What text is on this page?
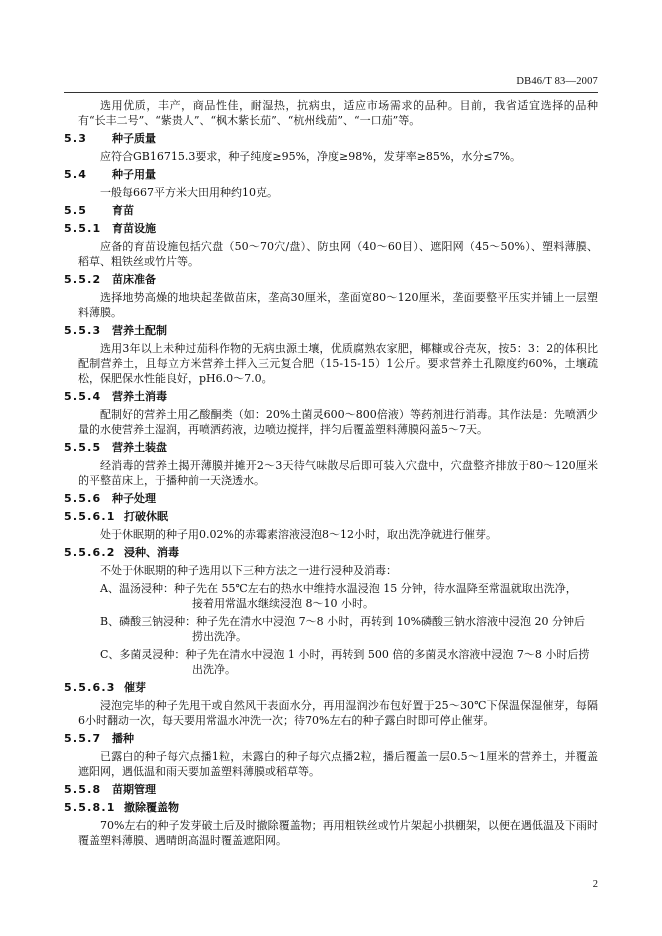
DB46/T 83—2007

选用优质，丰产，商品性佳，耐湿热，抗病虫，适应市场需求的品种。目前，我省适宜选择的品种有“长丰二号”、“紫贵人”、“枫木紫长茄”、“杭州线茄”、“一口茄”等。

5.3 种子质量

应符合GB16715.3要求，种子纯度≥95%，净度≥98%，发芽率≥85%，水分≤7%。

5.4 种子用量

一般每667平方米大田用种约10克。

5.5 育苗
5.5.1 育苗设施

应备的育苗设施包括穴盘（50～70穴/盘）、防虫网（40～60目）、遮阳网（45～50%）、塑料薄膜、稻草、粗铁丝或竹片等。

5.5.2 苗床准备

选择地势高燥的地块起垄做苗床，垄高30厘米，垄面宽80～120厘米，垄面要整平压实并铺上一层塑料薄膜。

5.5.3 营养土配制

选用3年以上未种过茄科作物的无病虫源土壤，优质腐熟农家肥，椰糠或谷壳灰，按5：3：2的体积比配制营养土，且每立方米营养土拌入三元复合肥（15-15-15）1公斤。要求营养土孔隙度约60%，土壤疏松，保肥保水性能良好，pH6.0～7.0。

5.5.4 营养土消毒

配制好的营养土用乙酸酮类（如：20%土菌灵600～800倍液）等药剂进行消毒。其作法是：先喷洒少量的水使营养土湿润，再喷洒药液，边喷边搅拌，拌匀后覆盖塑料薄膜闷盖5～7天。

5.5.5 营养土装盘

经消毒的营养土揭开薄膜并摊开2～3天待气味散尽后即可装入穴盘中，穴盘整齐排放于80～120厘米的平整苗床上，于播种前一天浇透水。

5.5.6 种子处理
5.5.6.1 打破休眠

处于休眠期的种子用0.02%的赤霉素溶液浸泡8～12小时，取出洗净就进行催芽。

5.5.6.2 浸种、消毒

不处于休眠期的种子选用以下三种方法之一进行浸种及消毒：

A、温汤浸种：种子先在 55℃左右的热水中维持水温浸泡 15 分钟，待水温降至常温就取出洗净，
接着用常温水继续浸泡 8～10 小时。
B、磷酸三钠浸种：种子先在清水中浸泡 7～8 小时，再转到 10%磷酸三钠水溶液中浸泡 20 分钟后
捞出洗净。
C、多菌灵浸种：种子先在清水中浸泡 1 小时，再转到 500 倍的多菌灵水溶液中浸泡 7～8 小时后捞
出洗净。
5.5.6.3 催芽

浸泡完毕的种子先甩干或自然风干表面水分，再用湿润沙布包好置于25～30℃下保温保湿催芽，每隔6小时翻动一次，每天要用常温水冲洗一次；待70%左右的种子露白时即可停止催芽。

5.5.7 播种

已露白的种子每穴点播1粒，未露白的种子每穴点播2粒，播后覆盖一层0.5～1厘米的营养土，并覆盖遮阳网，遇低温和雨天要加盖塑料薄膜或稻草等。

5.5.8 苗期管理
5.5.8.1 撤除覆盖物

70%左右的种子发芽破土后及时撤除覆盖物；再用粗铁丝或竹片架起小拱棚架，以便在遇低温及下雨时覆盖塑料薄膜、遇晴朗高温时覆盖遮阳网。

2
